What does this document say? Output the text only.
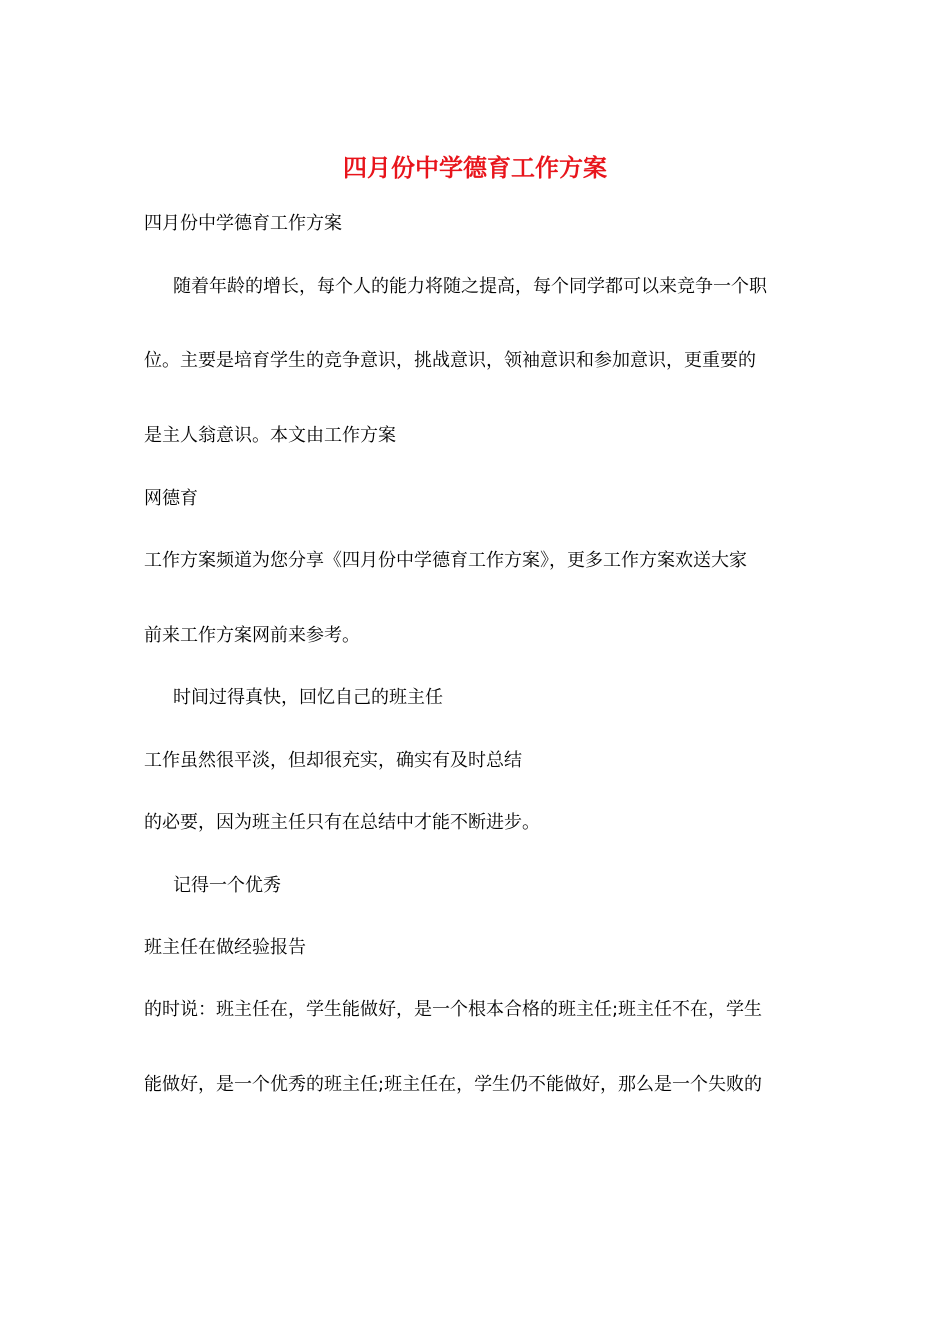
四月份中学德育工作方案
四月份中学德育工作方案
随着年龄的增长，每个人的能力将随之提高，每个同学都可以来竞争一个职
位。主要是培育学生的竞争意识，挑战意识，领袖意识和参加意识，更重要的
是主人翁意识。本文由工作方案
网德育
工作方案频道为您分享《四月份中学德育工作方案》，更多工作方案欢送大家
前来工作方案网前来参考。
时间过得真快，回忆自己的班主任
工作虽然很平淡，但却很充实，确实有及时总结
的必要，因为班主任只有在总结中才能不断进步。
记得一个优秀
班主任在做经验报告
的时说：班主任在，学生能做好，是一个根本合格的班主任;班主任不在，学生
能做好，是一个优秀的班主任;班主任在，学生仍不能做好，那么是一个失败的
